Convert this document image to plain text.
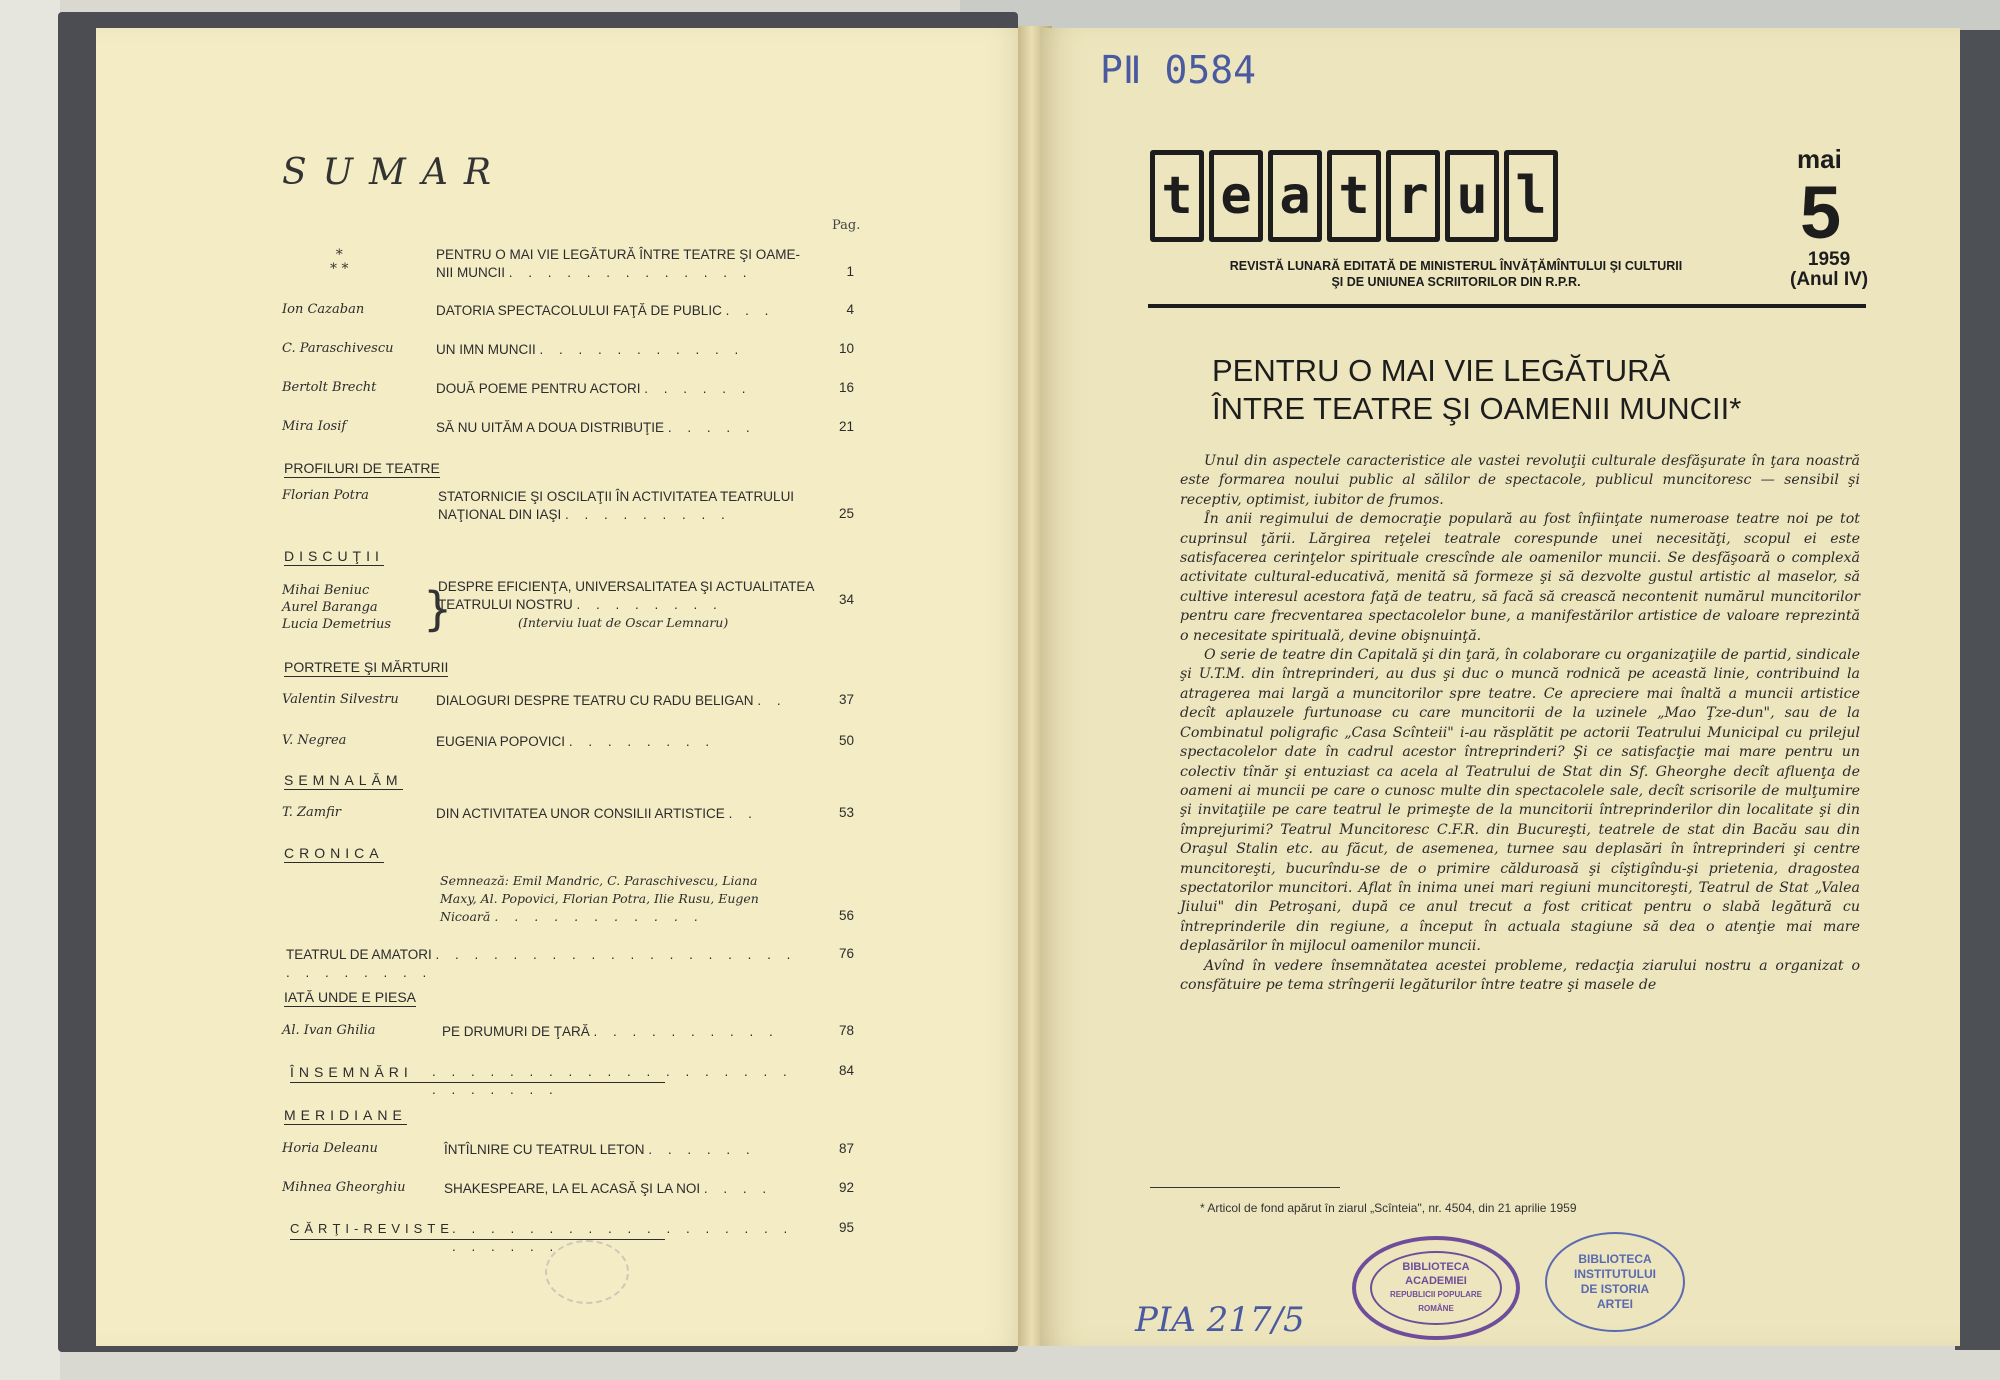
SUMAR
Pag.
*
* *
PENTRU O MAI VIE LEGĂTURĂ ÎNTRE TEATRE ŞI OAME-
NII MUNCII . . . . . . . . . . . . .	1
Ion Cazaban	DATORIA SPECTACOLULUI FAŢĂ DE PUBLIC . . .	4
C. Paraschivescu	UN IMN MUNCII . . . . . . . . . . .	10
Bertolt Brecht	DOUĂ POEME PENTRU ACTORI . . . . . .	16
Mira Iosif	SĂ NU UITĂM A DOUA DISTRIBUŢIE . . . . .	21
PROFILURI DE TEATRE
Florian Potra	STATORNICIE ŞI OSCILAŢII ÎN ACTIVITATEA TEATRULUI
NAŢIONAL DIN IAŞI . . . . . . . . .	25
DISCUŢII
Mihai Beniuc
Aurel Baranga
Lucia Demetrius }
DESPRE EFICIENŢA, UNIVERSALITATEA ŞI ACTUALITATEA
TEATRULUI NOSTRU . . . . . . . .
(Interviu luat de Oscar Lemnaru)
34
PORTRETE ŞI MĂRTURII
Valentin Silvestru	DIALOGURI DESPRE TEATRU CU RADU BELIGAN . .	37
V. Negrea	EUGENIA POPOVICI . . . . . . . .	50
SEMNALĂM
T. Zamfir	DIN ACTIVITATEA UNOR CONSILII ARTISTICE . .	53
CRONICA
Semnează: Emil Mandric, C. Paraschivescu, Liana
Maxy, Al. Popovici, Florian Potra, Ilie Rusu, Eugen
Nicoară . . . . . . . . . . .	56
TEATRUL DE AMATORI . . . . . . . . . . . . . . . . . . . . . . . . . . .
76
IATĂ UNDE E PIESA
Al. Ivan Ghilia	PE DRUMURI DE ŢARĂ . . . . . . . . . .	78
ÎNSEMNĂRI	. . . . . . . . . . . . . . . . . . . . . . . . . .
84
MERIDIANE
Horia Deleanu	ÎNTÎLNIRE CU TEATRUL LETON . . . . . .	87
Mihnea Gheorghiu	SHAKESPEARE, LA EL ACASĂ ŞI LA NOI . . . .	92
CĂRŢI-REVISTE
. . . . . . . . . . . . . . . . . . . . . . . .
95
PⅡ 0584
t e a t r u l
mai
5
1959
(Anul IV)
REVISTĂ LUNARĂ EDITATĂ DE MINISTERUL ÎNVĂŢĂMÎNTULUI ŞI CULTURII
ŞI DE UNIUNEA SCRIITORILOR DIN R.P.R.
PENTRU O MAI VIE LEGĂTURĂ
ÎNTRE TEATRE ŞI OAMENII MUNCII*

Unul din aspectele caracteristice ale vastei revoluţii culturale desfăşurate în ţara noastră este formarea noului public al sălilor de spectacole, publicul muncitoresc — sensibil şi receptiv, optimist, iubitor de frumos.

În anii regimului de democraţie populară au fost înfiinţate numeroase teatre noi pe tot cuprinsul ţării. Lărgirea reţelei teatrale corespunde unei necesităţi, scopul ei este satisfacerea cerinţelor spirituale crescînde ale oamenilor muncii. Se desfăşoară o complexă activitate cultural-educativă, menită să formeze şi să dezvolte gustul artistic al maselor, să cultive interesul acestora faţă de teatru, să facă să crească necontenit numărul muncitorilor pentru care frecventarea spectacolelor bune, a manifestărilor artistice de valoare reprezintă o necesitate spirituală, devine obişnuinţă.

O serie de teatre din Capitală şi din ţară, în colaborare cu organizaţiile de partid, sindicale şi U.T.M. din întreprinderi, au dus şi duc o muncă rodnică pe această linie, contribuind la atragerea mai largă a muncitorilor spre teatre. Ce apreciere mai înaltă a muncii artistice decît aplauzele furtunoase cu care muncitorii de la uzinele „Mao Ţze-dun", sau de la Combinatul poligrafic „Casa Scînteii" i-au răsplătit pe actorii Teatrului Municipal cu prilejul spectacolelor date în cadrul acestor întreprinderi? Şi ce satisfacţie mai mare pentru un colectiv tînăr şi entuziast ca acela al Teatrului de Stat din Sf. Gheorghe decît afluenţa de oameni ai muncii pe care o cunosc multe din spectacolele sale, decît scrisorile de mulţumire şi invitaţiile pe care teatrul le primeşte de la muncitorii întreprinderilor din localitate şi din împrejurimi? Teatrul Muncitoresc C.F.R. din Bucureşti, teatrele de stat din Bacău sau din Oraşul Stalin etc. au făcut, de asemenea, turnee sau deplasări în întreprinderi şi centre muncitoreşti, bucurîndu-se de o primire călduroasă şi cîştigîndu-şi prietenia, dragostea spectatorilor muncitori. Aflat în inima unei mari regiuni muncitoreşti, Teatrul de Stat „Valea Jiului" din Petroşani, după ce anul trecut a fost criticat pentru o slabă legătură cu întreprinderile din regiune, a început în actuala stagiune să dea o atenţie mai mare deplasărilor în mijlocul oamenilor muncii.

Avînd în vedere însemnătatea acestei probleme, redacţia ziarului nostru a organizat o consfătuire pe tema strîngerii legăturilor între teatre şi masele de

* Articol de fond apărut în ziarul „Scînteia", nr. 4504, din 21 aprilie 1959
BIBLIOTECA
ACADEMIEI
REPUBLICII POPULARE ROMÂNE
BIBLIOTECA
INSTITUTULUI
DE ISTORIA
ARTEI
PIA 217/5
